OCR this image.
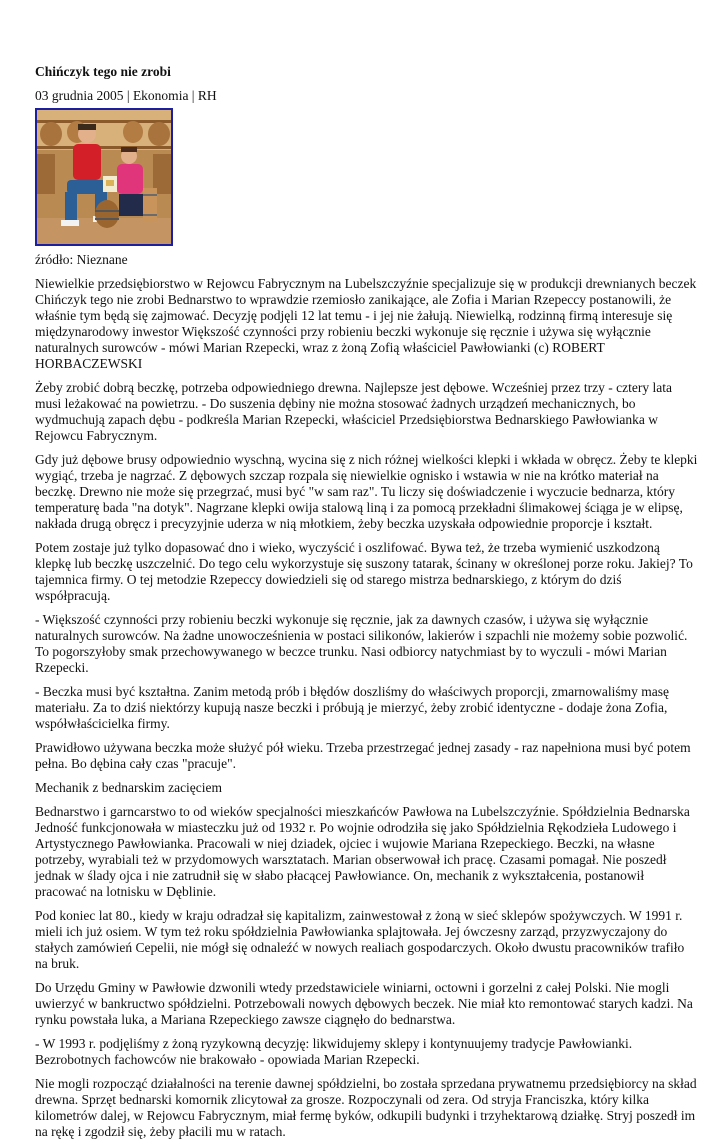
Chińczyk tego nie zrobi
03 grudnia 2005 | Ekonomia | RH
źródło: Nieznane

Niewielkie przedsiębiorstwo w Rejowcu Fabrycznym na Lubelszczyźnie specjalizuje się w produkcji drewnianych beczek Chińczyk tego nie zrobi Bednarstwo to wprawdzie rzemiosło zanikające, ale Zofia i Marian Rzepeccy postanowili, że właśnie tym będą się zajmować. Decyzję podjęli 12 lat temu - i jej nie żałują. Niewielką, rodzinną firmą interesuje się międzynarodowy inwestor Większość czynności przy robieniu beczki wykonuje się ręcznie i używa się wyłącznie naturalnych surowców - mówi Marian Rzepecki, wraz z żoną Zofią właściciel Pawłowianki (c) ROBERT HORBACZEWSKI

Żeby zrobić dobrą beczkę, potrzeba odpowiedniego drewna. Najlepsze jest dębowe. Wcześniej przez trzy - cztery lata musi leżakować na powietrzu. - Do suszenia dębiny nie można stosować żadnych urządzeń mechanicznych, bo wydmuchują zapach dębu - podkreśla Marian Rzepecki, właściciel Przedsiębiorstwa Bednarskiego Pawłowianka w Rejowcu Fabrycznym.

Gdy już dębowe brusy odpowiednio wyschną, wycina się z nich różnej wielkości klepki i wkłada w obręcz. Żeby te klepki wygiąć, trzeba je nagrzać. Z dębowych szczap rozpala się niewielkie ognisko i wstawia w nie na krótko materiał na beczkę. Drewno nie może się przegrzać, musi być "w sam raz". Tu liczy się doświadczenie i wyczucie bednarza, który temperaturę bada "na dotyk". Nagrzane klepki owija stalową liną i za pomocą przekładni ślimakowej ściąga je w elipsę, nakłada drugą obręcz i precyzyjnie uderza w nią młotkiem, żeby beczka uzyskała odpowiednie proporcje i kształt.

Potem zostaje już tylko dopasować dno i wieko, wyczyścić i oszlifować. Bywa też, że trzeba wymienić uszkodzoną klepkę lub beczkę uszczelnić. Do tego celu wykorzystuje się suszony tatarak, ścinany w określonej porze roku. Jakiej? To tajemnica firmy. O tej metodzie Rzepeccy dowiedzieli się od starego mistrza bednarskiego, z którym do dziś współpracują.

- Większość czynności przy robieniu beczki wykonuje się ręcznie, jak za dawnych czasów, i używa się wyłącznie naturalnych surowców. Na żadne unowocześnienia w postaci silikonów, lakierów i szpachli nie możemy sobie pozwolić. To pogorszyłoby smak przechowywanego w beczce trunku. Nasi odbiorcy natychmiast by to wyczuli - mówi Marian Rzepecki.

- Beczka musi być kształtna. Zanim metodą prób i błędów doszliśmy do właściwych proporcji, zmarnowaliśmy masę materiału. Za to dziś niektórzy kupują nasze beczki i próbują je mierzyć, żeby zrobić identyczne - dodaje żona Zofia, współwłaścicielka firmy.

Prawidłowo używana beczka może służyć pół wieku. Trzeba przestrzegać jednej zasady - raz napełniona musi być potem pełna. Bo dębina cały czas "pracuje".

Mechanik z bednarskim zacięciem

Bednarstwo i garncarstwo to od wieków specjalności mieszkańców Pawłowa na Lubelszczyźnie. Spółdzielnia Bednarska Jedność funkcjonowała w miasteczku już od 1932 r. Po wojnie odrodziła się jako Spółdzielnia Rękodzieła Ludowego i Artystycznego Pawłowianka. Pracowali w niej dziadek, ojciec i wujowie Mariana Rzepeckiego. Beczki, na własne potrzeby, wyrabiali też w przydomowych warsztatach. Marian obserwował ich pracę. Czasami pomagał. Nie poszedł jednak w ślady ojca i nie zatrudnił się w słabo płacącej Pawłowiance. On, mechanik z wykształcenia, postanowił pracować na lotnisku w Dęblinie.

Pod koniec lat 80., kiedy w kraju odradzał się kapitalizm, zainwestował z żoną w sieć sklepów spożywczych. W 1991 r. mieli ich już osiem. W tym też roku spółdzielnia Pawłowianka splajtowała. Jej ówczesny zarząd, przyzwyczajony do stałych zamówień Cepelii, nie mógł się odnaleźć w nowych realiach gospodarczych. Około dwustu pracowników trafiło na bruk.

Do Urzędu Gminy w Pawłowie dzwonili wtedy przedstawiciele winiarni, octowni i gorzelni z całej Polski. Nie mogli uwierzyć w bankructwo spółdzielni. Potrzebowali nowych dębowych beczek. Nie miał kto remontować starych kadzi. Na rynku powstała luka, a Mariana Rzepeckiego zawsze ciągnęło do bednarstwa.

- W 1993 r. podjęliśmy z żoną ryzykowną decyzję: likwidujemy sklepy i kontynuujemy tradycje Pawłowianki. Bezrobotnych fachowców nie brakowało - opowiada Marian Rzepecki.

Nie mogli rozpocząć działalności na terenie dawnej spółdzielni, bo została sprzedana prywatnemu przedsiębiorcy na skład drewna. Sprzęt bednarski komornik zlicytował za grosze. Rozpoczynali od zera. Od stryja Franciszka, który kilka kilometrów dalej, w Rejowcu Fabrycznym, miał fermę byków, odkupili budynki i trzyhektarową działkę. Stryj poszedł im na rękę i zgodził się, żeby płacili mu w ratach.
